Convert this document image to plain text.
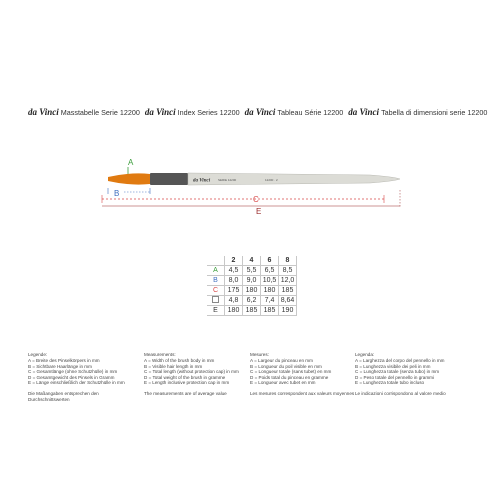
da Vinci Masstabelle Serie 12200 da Vinci Index Series 12200 da Vinci Tableau Série 12200 da Vinci Tabella di dimensioni serie 12200
A
da Vinci	SERIE 12200	12200 · 2
B
C
E
	2	4	6	8
A	4,5	5,5	6,5	8,5
B	8,0	9,0	10,5	12,0
C	175	180	180	185
	4,8	6,2	7,4	8,64
E	180	185	185	190
Legende:
A = Breite des Pinselkörpers in mm
B = Sichtbare Haarlänge in mm
C = Gesamtlänge (ohne Schutzhülle) in mm
D = Gesamtgewicht des Pinsels in Gramm
E = Länge einschließlich der Schutzhülle in mm
Die Maßangaben entsprechen den Durchschnittswerten
Measurements:
A = Width of the brush body in mm
B = Visible hair length in mm
C = Total length (without protection cap) in mm
D = Total weight of the brush in gramme
E = Length inclusive protection cap in mm
The measurements are of average value
Mesures:
A = Largeur du pinceau en mm
B = Longueur du poil visible en mm
C = Longueur totale (sans tubet) en mm
D = Poids total du pinceau en gramme
E = Longueur avec tubet en mm
Les mesures correspondent aux valeurs moyennes
Legenda:
A = Larghezza del corpo del pennello in mm
B = Lunghezza visibile dei peli in mm
C = Lunghezza totale (senza tubo) in mm
D = Peso totale del pennello in grammi
E = Lunghezza totale tubo incluso
Le indicazioni corrispondono al valore medio
